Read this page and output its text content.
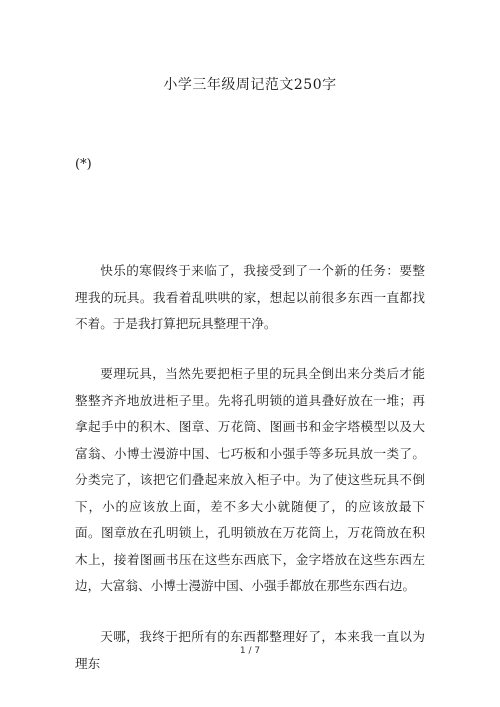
小学三年级周记范文250字
(*)

快乐的寒假终于来临了，我接受到了一个新的任务：要整理我的玩具。我看着乱哄哄的家，想起以前很多东西一直都找不着。于是我打算把玩具整理干净。

要理玩具，当然先要把柜子里的玩具全倒出来分类后才能整整齐齐地放进柜子里。先将孔明锁的道具叠好放在一堆；再拿起手中的积木、图章、万花筒、图画书和金字塔模型以及大富翁、小博士漫游中国、七巧板和小强手等多玩具放一类了。分类完了，该把它们叠起来放入柜子中。为了使这些玩具不倒下，小的应该放上面，差不多大小就随便了，的应该放最下面。图章放在孔明锁上，孔明锁放在万花筒上，万花筒放在积木上，接着图画书压在这些东西底下，金字塔放在这些东西左边，大富翁、小博士漫游中国、小强手都放在那些东西右边。

天哪，我终于把所有的东西都整理好了，本来我一直以为理东

1 / 7
